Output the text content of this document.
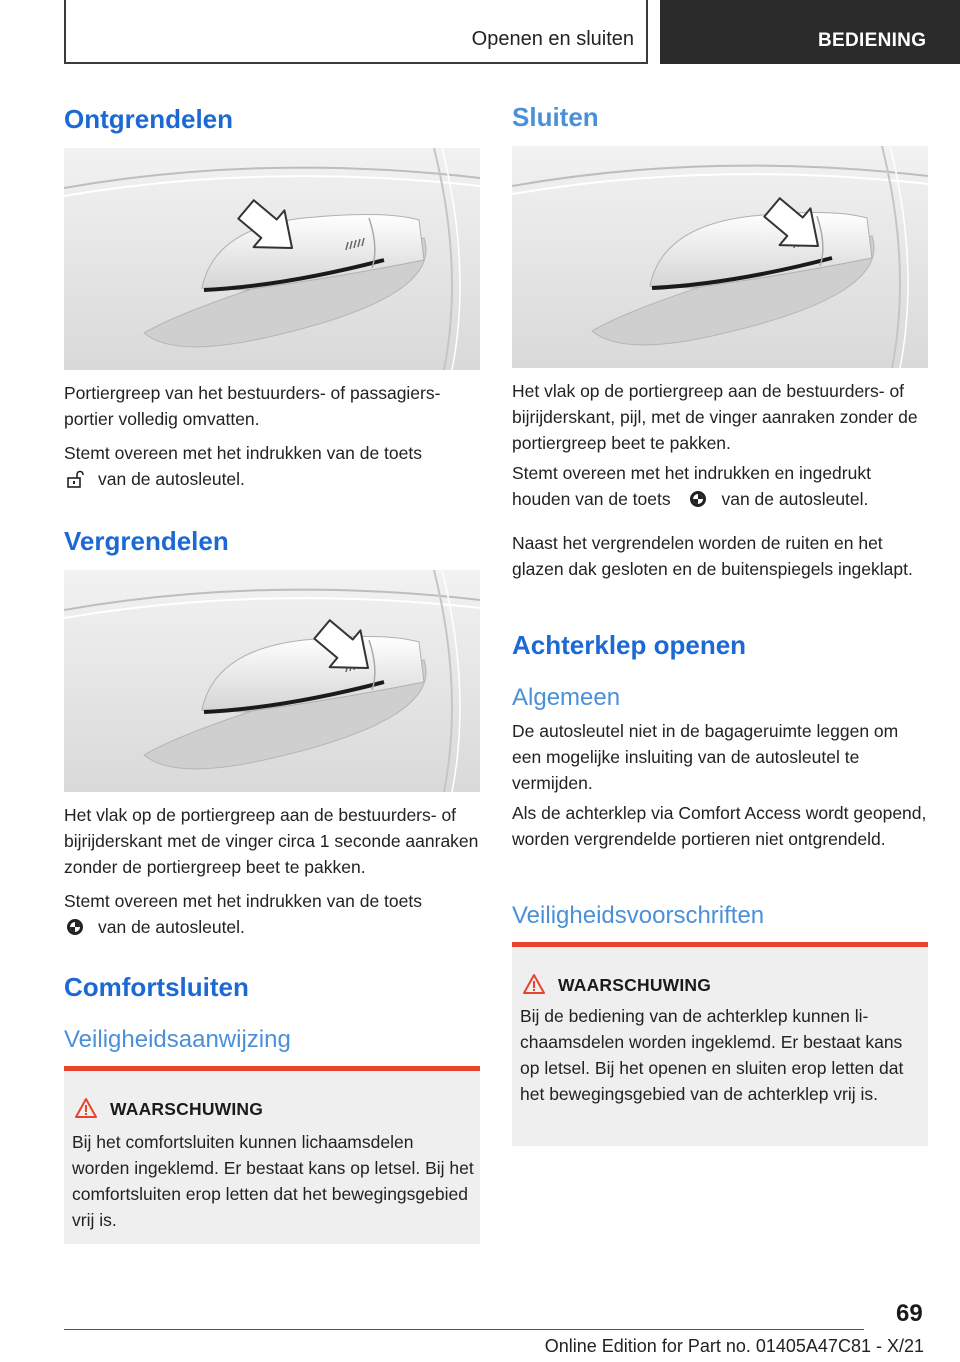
Openen en sluiten	BEDIENING
Ontgrendelen

Portiergreep van het bestuurders- of passagiersportier volledig omvatten.

Stemt overeen met het indrukken van de toets
van de autosleutel.

Vergrendelen

Het vlak op de portiergreep aan de bestuurders- of bijrijderskant met de vinger circa 1 seconde aanraken zonder de portiergreep beet te pakken.

Stemt overeen met het indrukken van de toets
van de autosleutel.

Comfortsluiten
Veiligheidsaanwijzing
WAARSCHUWING

Bij het comfortsluiten kunnen lichaamsdelen worden ingeklemd. Er bestaat kans op letsel. Bij het comfortsluiten erop letten dat het bewegingsgebied vrij is.

Sluiten

Het vlak op de portiergreep aan de bestuurders- of bijrijderskant, pijl, met de vinger aanraken zonder de portiergreep beet te pakken.

Stemt overeen met het indrukken en ingedrukt houden van de toets	van de autosleutel.

Naast het vergrendelen worden de ruiten en het glazen dak gesloten en de buitenspiegels ingeklapt.

Achterklep openen
Algemeen

De autosleutel niet in de bagageruimte leggen om een mogelijke insluiting van de autosleutel te vermijden.

Als de achterklep via Comfort Access wordt geopend, worden vergrendelde portieren niet ontgrendeld.

Veiligheidsvoorschriften
WAARSCHUWING

Bij de bediening van de achterklep kunnen lichaamsdelen worden ingeklemd. Er bestaat kans op letsel. Bij het openen en sluiten erop letten dat het bewegingsgebied van de achterklep vrij is.

69
Online Edition for Part no. 01405A47C81 - X/21
